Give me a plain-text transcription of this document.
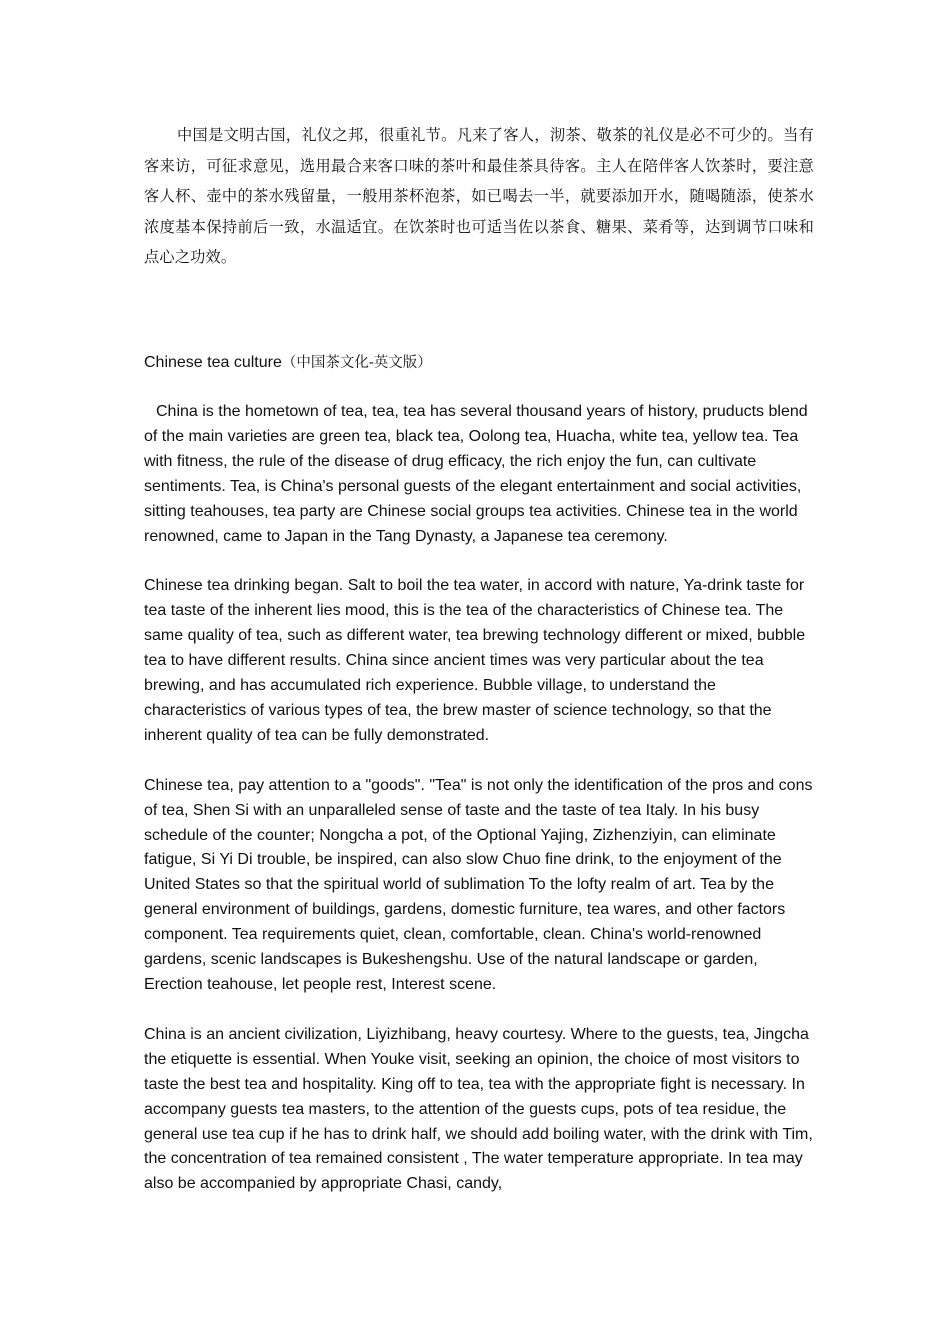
中国是文明古国，礼仪之邦，很重礼节。凡来了客人，沏茶、敬茶的礼仪是必不可少的。当有客来访，可征求意见，选用最合来客口味的茶叶和最佳茶具待客。主人在陪伴客人饮茶时，要注意客人杯、壶中的茶水残留量，一般用茶杯泡茶，如已喝去一半，就要添加开水，随喝随添，使茶水浓度基本保持前后一致，水温适宜。在饮茶时也可适当佐以茶食、糖果、菜肴等，达到调节口味和点心之功效。

Chinese tea culture（中国茶文化-英文版）

China is the hometown of tea, tea, tea has several thousand years of history, pruducts blend of the main varieties are green tea, black tea, Oolong tea, Huacha, white tea, yellow tea. Tea with fitness, the rule of the disease of drug efficacy, the rich enjoy the fun, can cultivate sentiments. Tea, is China's personal guests of the elegant entertainment and social activities, sitting teahouses, tea party are Chinese social groups tea activities. Chinese tea in the world renowned, came to Japan in the Tang Dynasty, a Japanese tea ceremony.

Chinese tea drinking began. Salt to boil the tea water, in accord with nature, Ya-drink taste for tea taste of the inherent lies mood, this is the tea of the characteristics of Chinese tea. The same quality of tea, such as different water, tea brewing technology different or mixed, bubble tea to have different results. China since ancient times was very particular about the tea brewing, and has accumulated rich experience. Bubble village, to understand the characteristics of various types of tea, the brew master of science technology, so that the inherent quality of tea can be fully demonstrated.

Chinese tea, pay attention to a "goods". "Tea" is not only the identification of the pros and cons of tea, Shen Si with an unparalleled sense of taste and the taste of tea Italy. In his busy schedule of the counter; Nongcha a pot, of the Optional Yajing, Zizhenziyin, can eliminate fatigue, Si Yi Di trouble, be inspired, can also slow Chuo fine drink, to the enjoyment of the United States so that the spiritual world of sublimation To the lofty realm of art. Tea by the general environment of buildings, gardens, domestic furniture, tea wares, and other factors component. Tea requirements quiet, clean, comfortable, clean. China's world-renowned gardens, scenic landscapes is Bukeshengshu. Use of the natural landscape or garden, Erection teahouse, let people rest, Interest scene.

China is an ancient civilization, Liyizhibang, heavy courtesy. Where to the guests, tea, Jingcha the etiquette is essential. When Youke visit, seeking an opinion, the choice of most visitors to taste the best tea and hospitality. King off to tea, tea with the appropriate fight is necessary. In accompany guests tea masters, to the attention of the guests cups, pots of tea residue, the general use tea cup if he has to drink half, we should add boiling water, with the drink with Tim, the concentration of tea remained consistent , The water temperature appropriate. In tea may also be accompanied by appropriate Chasi, candy,
